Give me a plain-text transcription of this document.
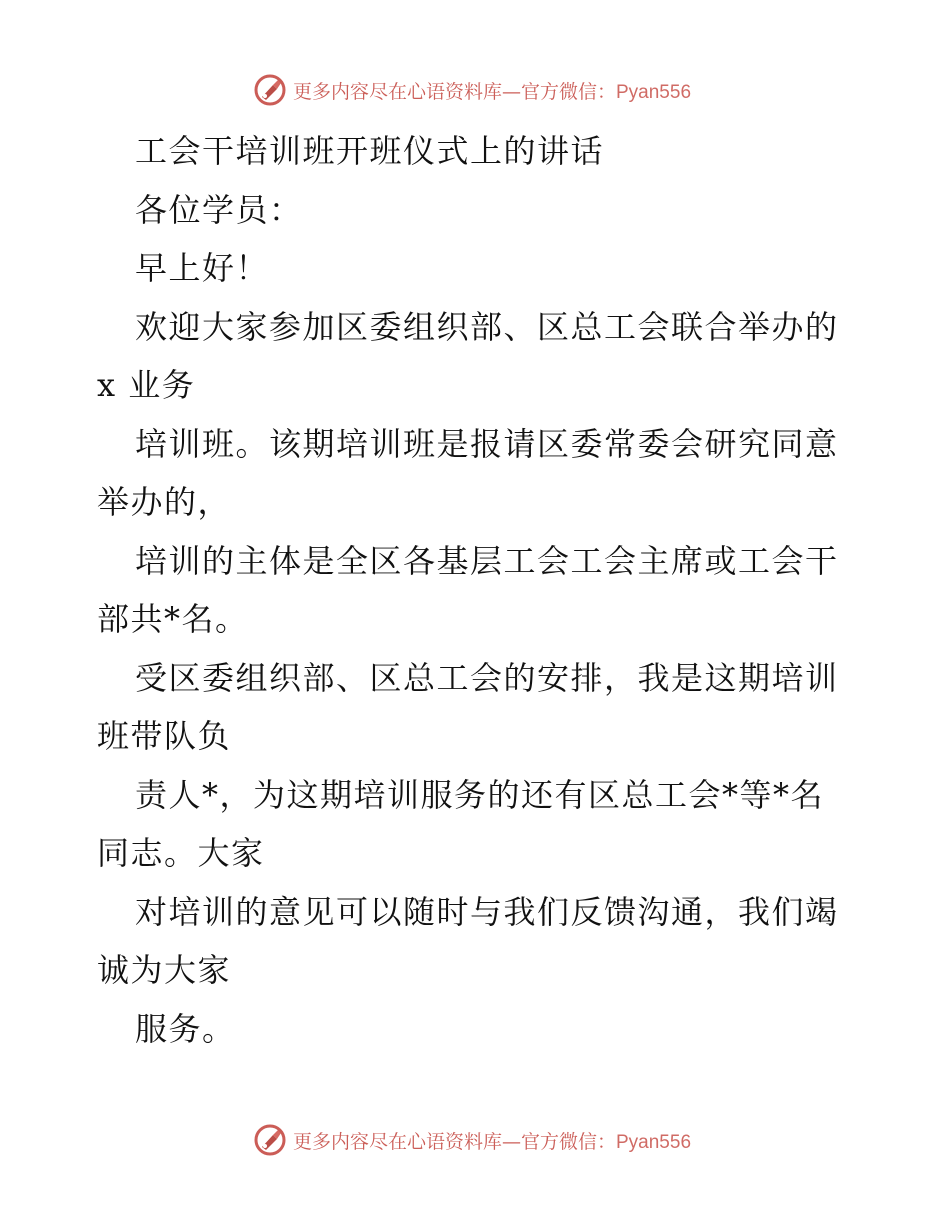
更多内容尽在心语资料库—官方微信：Pyan556
工会干培训班开班仪式上的讲话
各位学员：
早上好！
欢迎大家参加区委组织部、区总工会联合举办的
x 业务
培训班。该期培训班是报请区委常委会研究同意
举办的，
培训的主体是全区各基层工会工会主席或工会干
部共*名。
受区委组织部、区总工会的安排，我是这期培训
班带队负
责人*，为这期培训服务的还有区总工会*等*名
同志。大家
对培训的意见可以随时与我们反馈沟通，我们竭
诚为大家
服务。
更多内容尽在心语资料库—官方微信：Pyan556
